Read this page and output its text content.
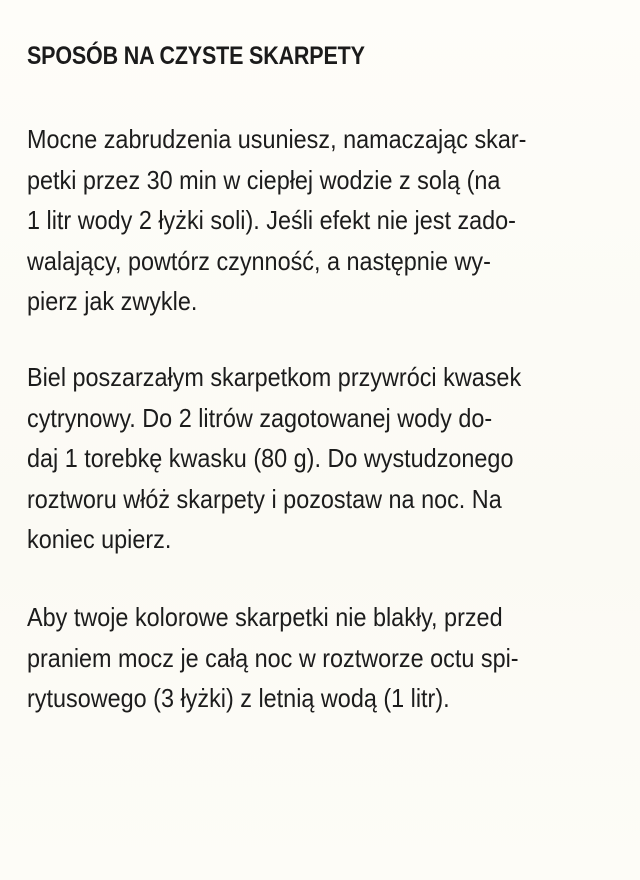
SPOSÓB NA CZYSTE SKARPETY

Mocne zabrudzenia usuniesz, namaczając skar-
petki przez 30 min w ciepłej wodzie z solą (na
1 litr wody 2 łyżki soli). Jeśli efekt nie jest zado-
walający, powtórz czynność, a następnie wy-
pierz jak zwykle.

Biel poszarzałym skarpetkom przywróci kwasek
cytrynowy. Do 2 litrów zagotowanej wody do-
daj 1 torebkę kwasku (80 g). Do wystudzonego
roztworu włóż skarpety i pozostaw na noc. Na
koniec upierz.

Aby twoje kolorowe skarpetki nie blakły, przed
praniem mocz je całą noc w roztworze octu spi-
rytusowego (3 łyżki) z letnią wodą (1 litr).
